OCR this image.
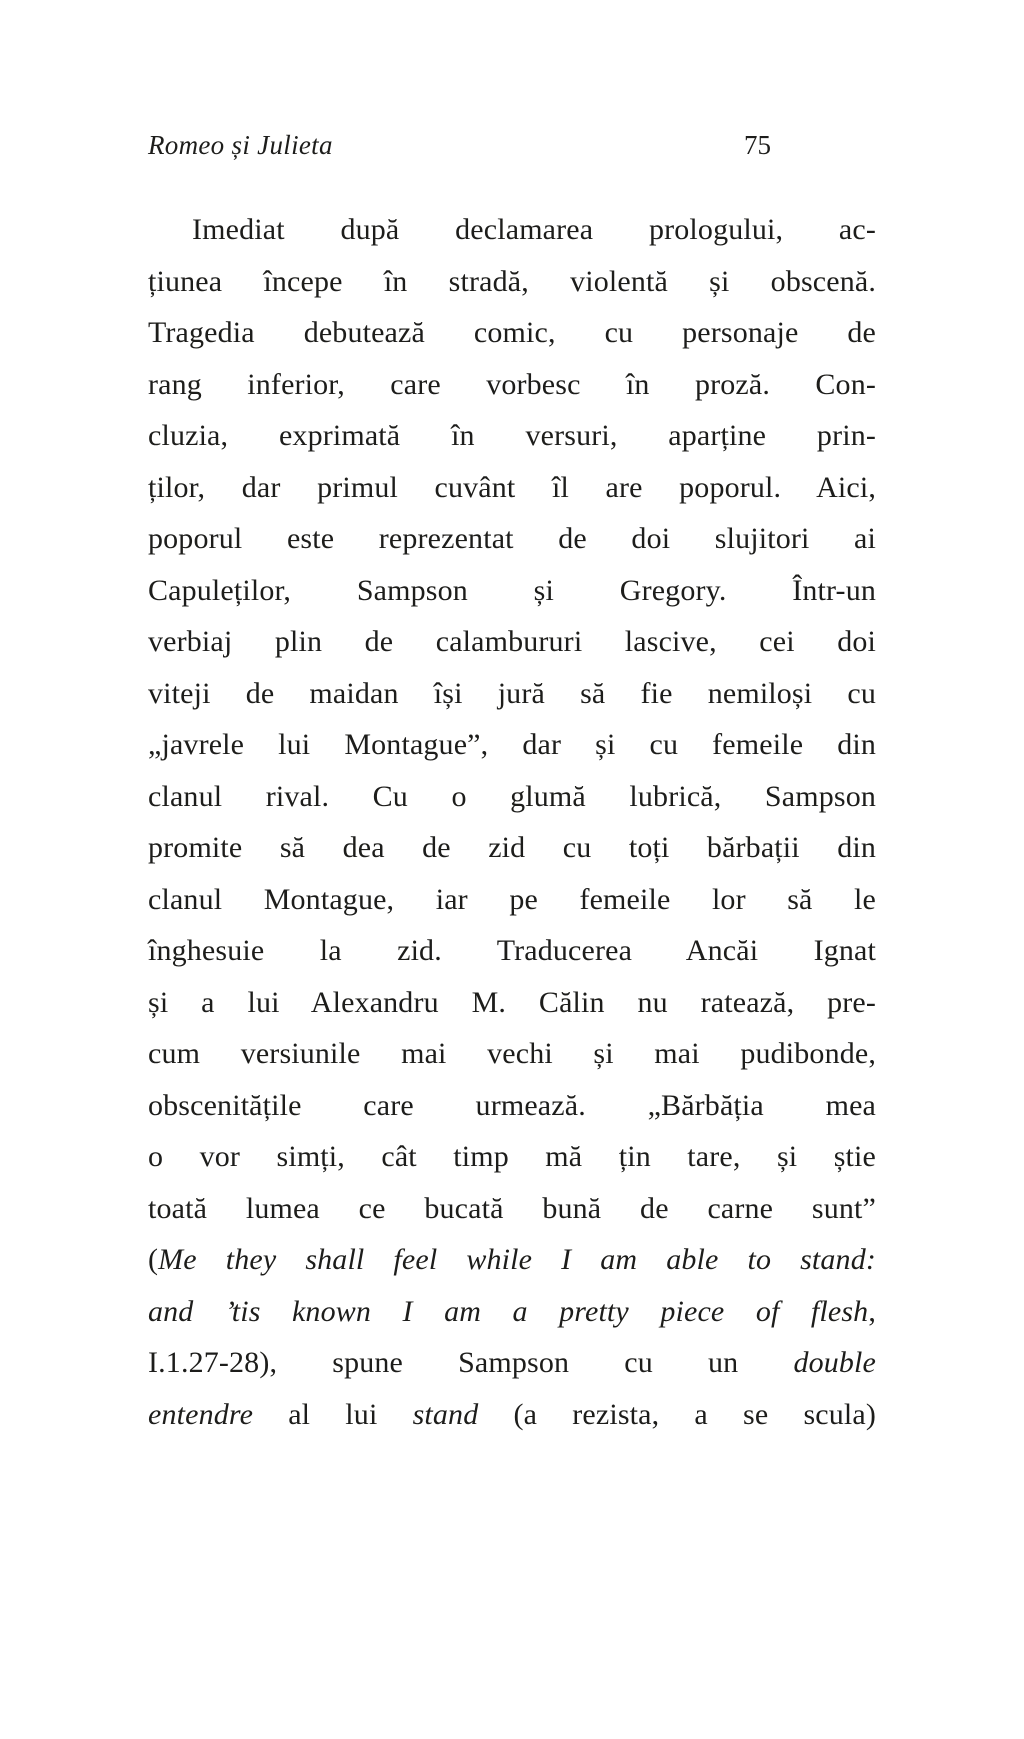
Romeo și Julieta	75
Imediat după declamarea prologului, ac-
țiunea începe în stradă, violentă și obscenă.
Tragedia debutează comic, cu personaje de
rang inferior, care vorbesc în proză. Con-
cluzia, exprimată în versuri, aparține prin-
ților, dar primul cuvânt îl are poporul. Aici,
poporul este reprezentat de doi slujitori ai
Capuleților, Sampson și Gregory. Într-un
verbiaj plin de calambururi lascive, cei doi
viteji de maidan își jură să fie nemiloși cu
„javrele lui Montague”, dar și cu femeile din
clanul rival. Cu o glumă lubrică, Sampson
promite să dea de zid cu toți bărbații din
clanul Montague, iar pe femeile lor să le
înghesuie la zid. Traducerea Ancăi Ignat
și a lui Alexandru M. Călin nu ratează, pre-
cum versiunile mai vechi și mai pudibonde,
obscenitățile care urmează. „Bărbăția mea
o vor simți, cât timp mă țin tare, și știe
toată lumea ce bucată bună de carne sunt”
(Me they shall feel while I am able to stand:
and ’tis known I am a pretty piece of flesh,
I.1.27-28), spune Sampson cu un double
entendre al lui stand (a rezista, a se scula)
